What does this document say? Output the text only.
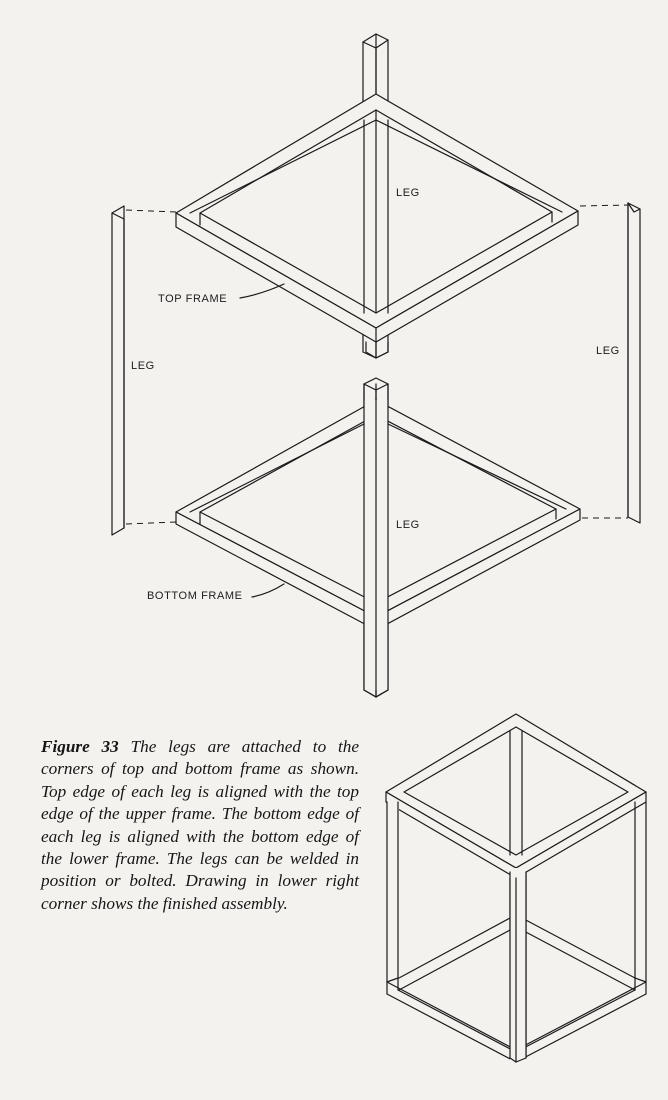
LEG
LEG
LEG
LEG
TOP FRAME
BOTTOM FRAME

Figure 33 The legs are attached to the corners of top and bottom frame as shown. Top edge of each leg is aligned with the top edge of the upper frame. The bottom edge of each leg is aligned with the bottom edge of the lower frame. The legs can be welded in position or bolted. Drawing in lower right corner shows the finished assembly.
